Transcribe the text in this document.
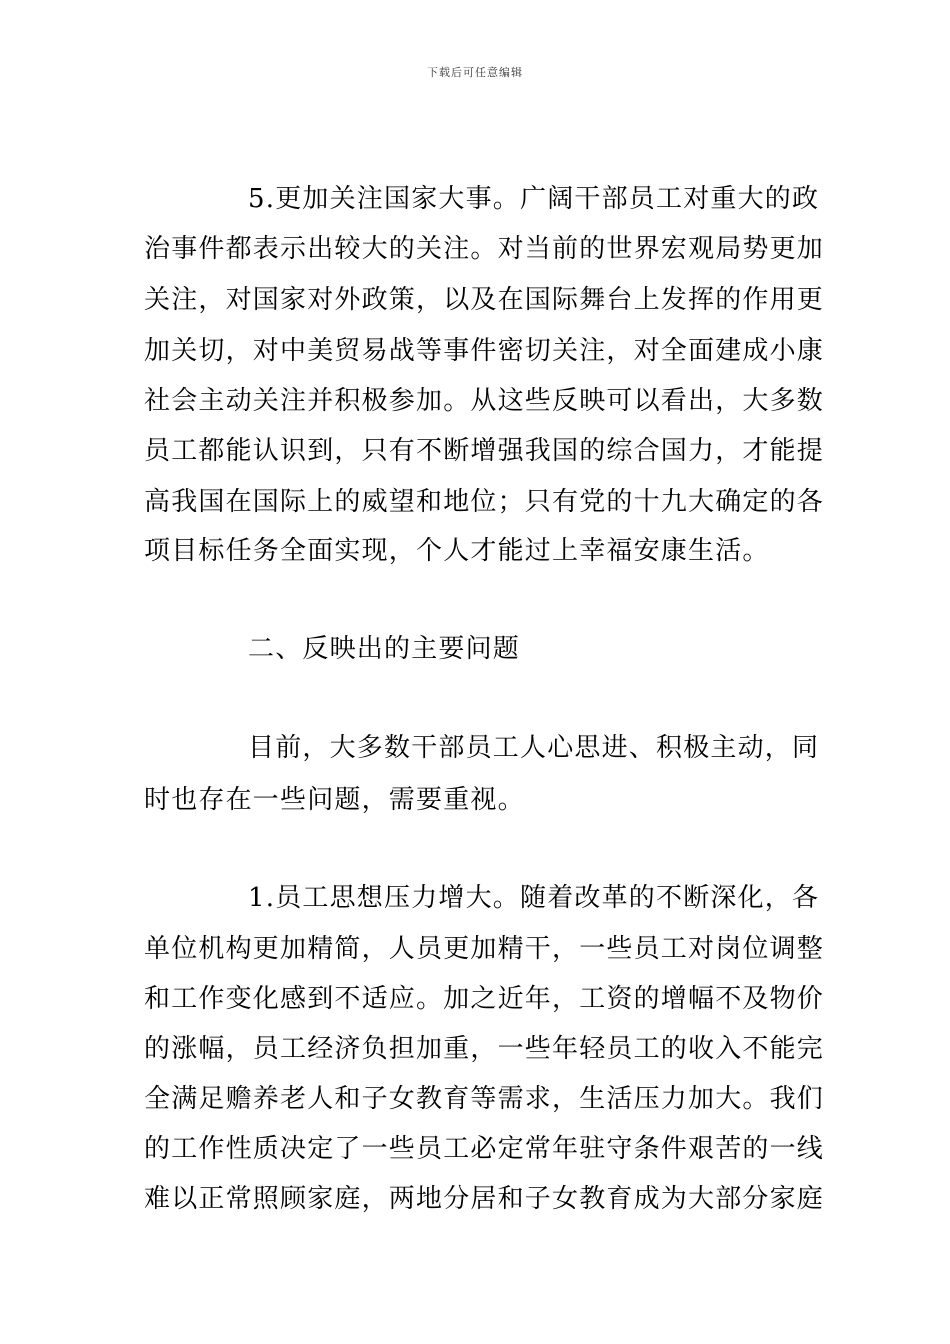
下载后可任意编辑
5.更加关注国家大事。广阔干部员工对重大的政
治事件都表示出较大的关注。对当前的世界宏观局势更加
关注，对国家对外政策，以及在国际舞台上发挥的作用更
加关切，对中美贸易战等事件密切关注，对全面建成小康
社会主动关注并积极参加。从这些反映可以看出，大多数
员工都能认识到，只有不断增强我国的综合国力，才能提
高我国在国际上的威望和地位；只有党的十九大确定的各
项目标任务全面实现，个人才能过上幸福安康生活。
二、反映出的主要问题
目前，大多数干部员工人心思进、积极主动，同
时也存在一些问题，需要重视。
1.员工思想压力增大。随着改革的不断深化，各
单位机构更加精简，人员更加精干，一些员工对岗位调整
和工作变化感到不适应。加之近年，工资的增幅不及物价
的涨幅，员工经济负担加重，一些年轻员工的收入不能完
全满足赡养老人和子女教育等需求，生活压力加大。我们
的工作性质决定了一些员工必定常年驻守条件艰苦的一线
难以正常照顾家庭，两地分居和子女教育成为大部分家庭
